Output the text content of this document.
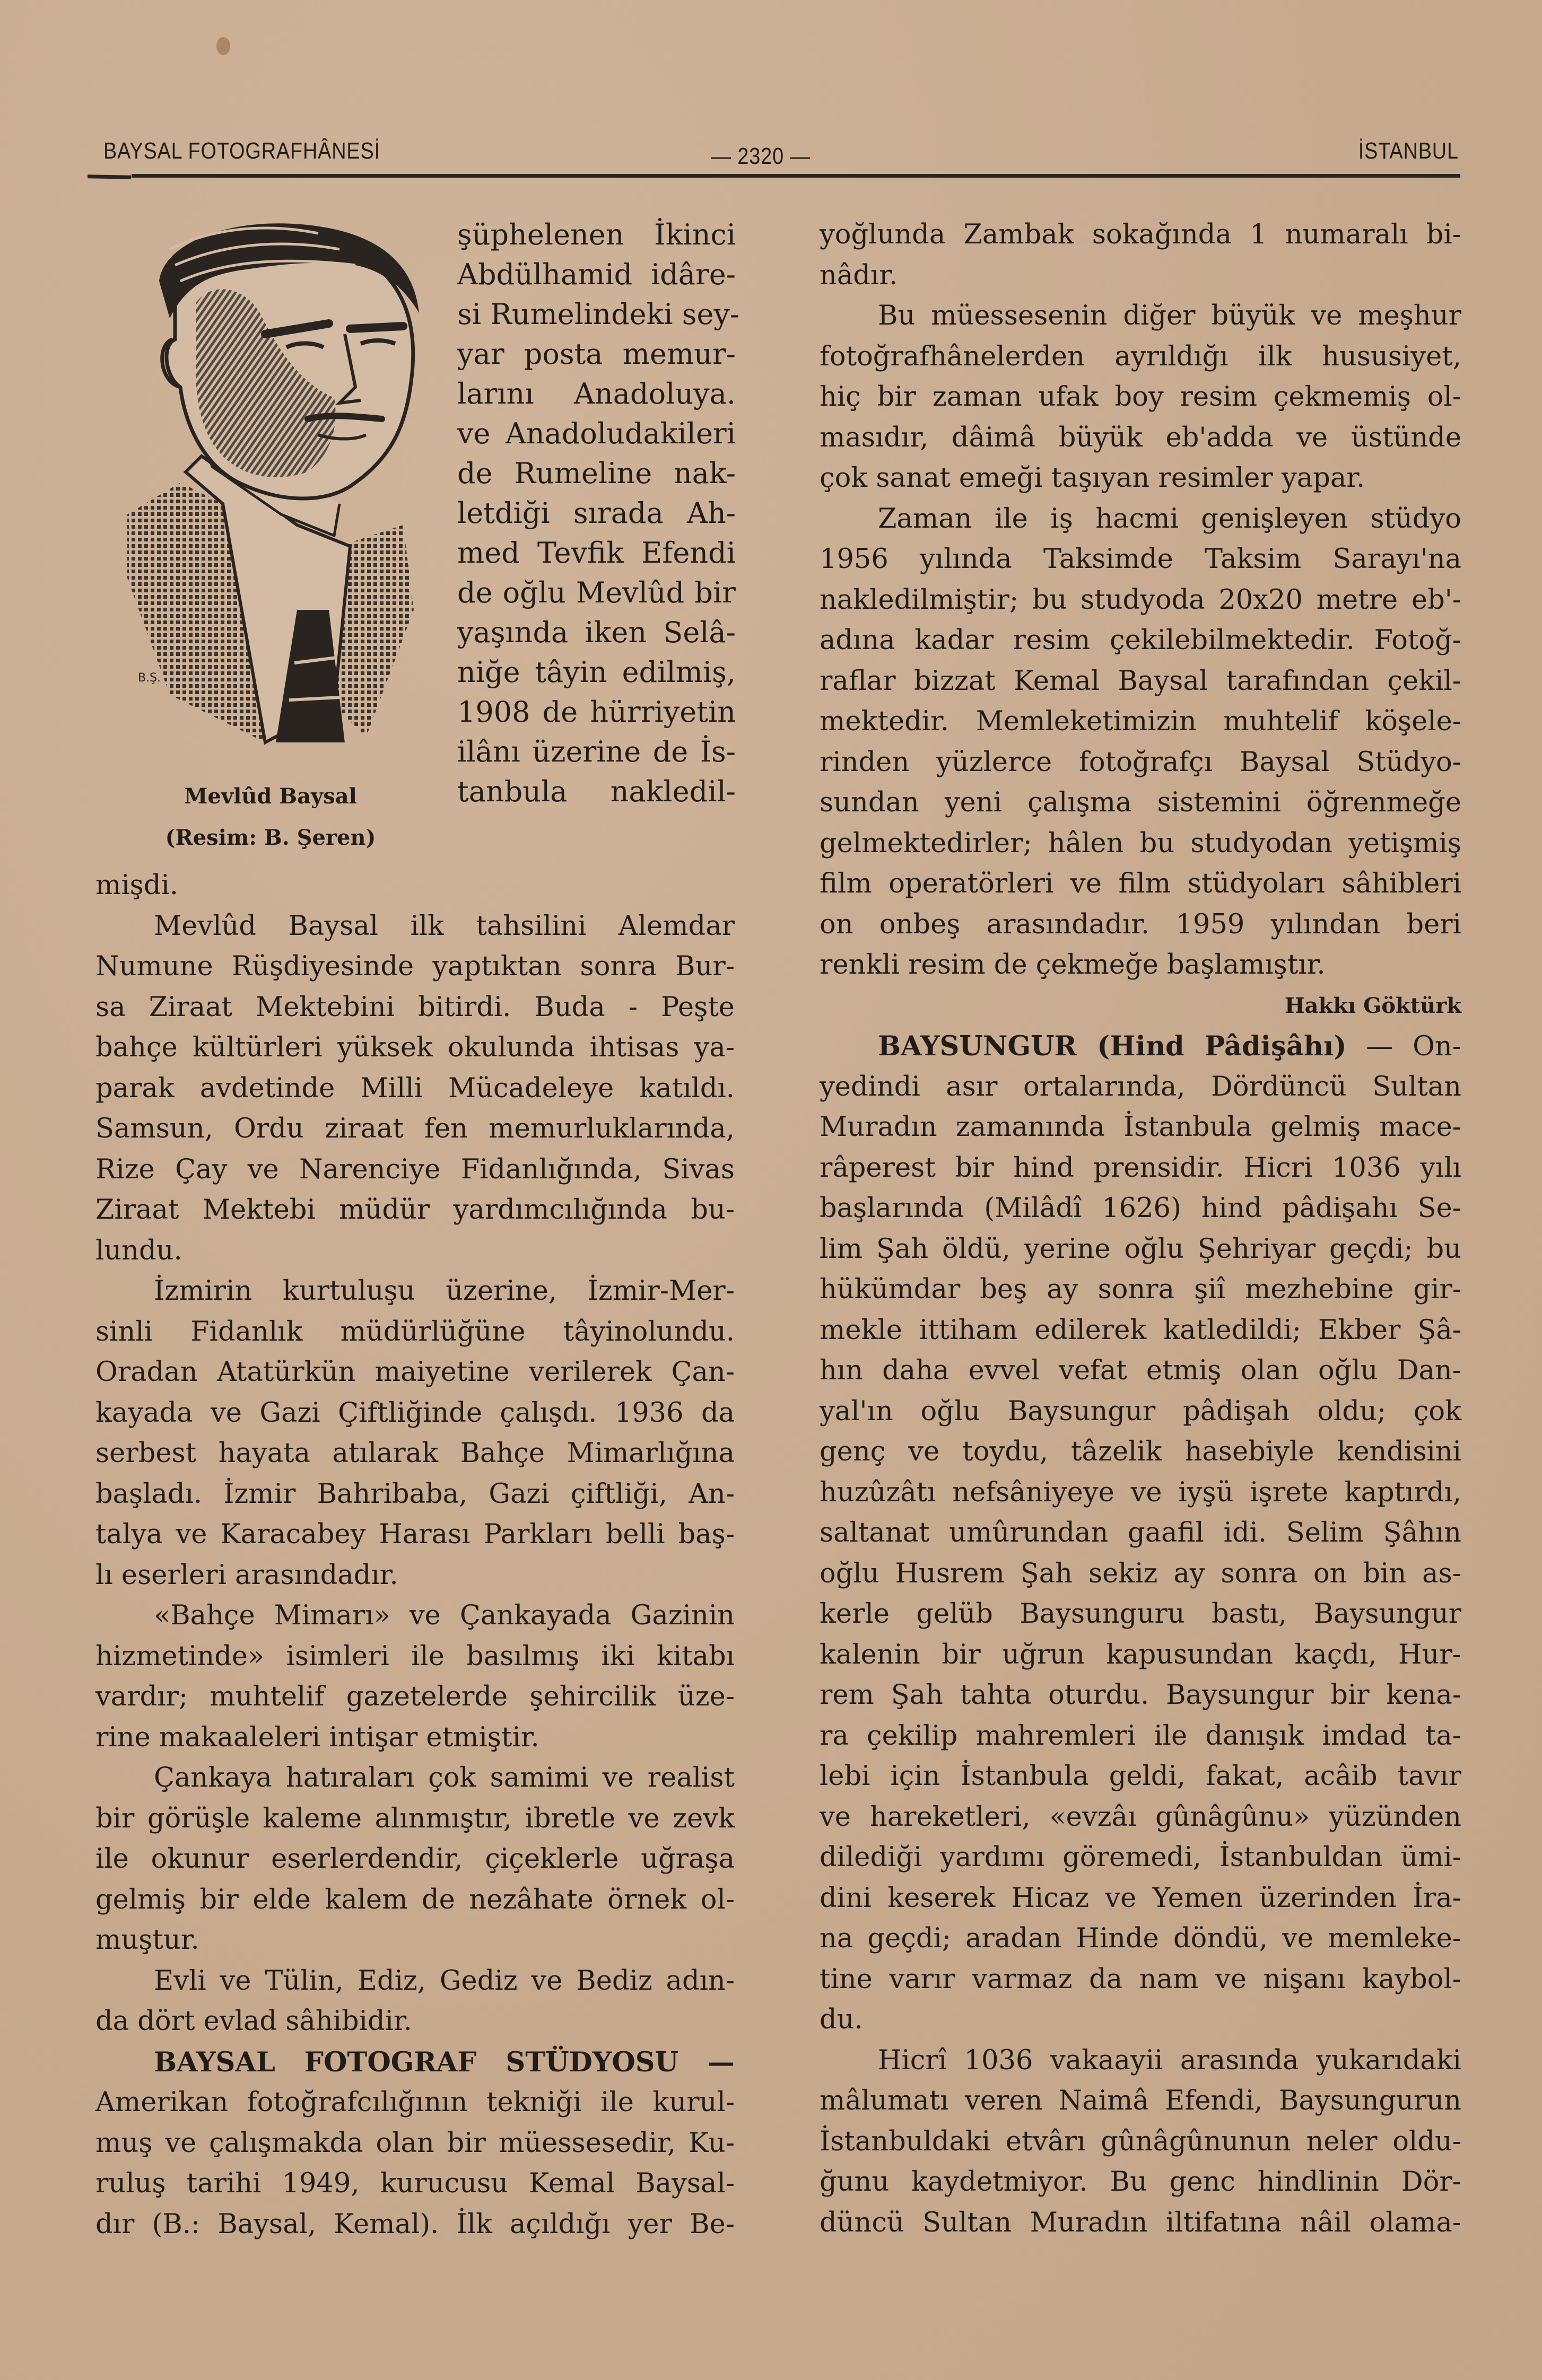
BAYSAL FOTOGRAFHÂNESİ	— 2320 —	İSTANBUL
B.Ş.
Mevlûd Baysal
(Resim: B. Şeren)
şüphelenen İkinci
Abdülhamid idâre-
si Rumelindeki sey-
yar posta memur-
larını Anadoluya.
ve Anadoludakileri
de Rumeline nak-
letdiği sırada Ah-
med Tevfik Efendi
de oğlu Mevlûd bir
yaşında iken Selâ-
niğe tâyin edilmiş,
1908 de hürriyetin
ilânı üzerine de İs-
tanbula nakledil-
mişdi.
Mevlûd Baysal ilk tahsilini Alemdar
Numune Rüşdiyesinde yaptıktan sonra Bur-
sa Ziraat Mektebini bitirdi. Buda - Peşte
bahçe kültürleri yüksek okulunda ihtisas ya-
parak avdetinde Milli Mücadeleye katıldı.
Samsun, Ordu ziraat fen memurluklarında,
Rize Çay ve Narenciye Fidanlığında, Sivas
Ziraat Mektebi müdür yardımcılığında bu-
lundu.
İzmirin kurtuluşu üzerine, İzmir-Mer-
sinli Fidanlık müdürlüğüne tâyinolundu.
Oradan Atatürkün maiyetine verilerek Çan-
kayada ve Gazi Çiftliğinde çalışdı. 1936 da
serbest hayata atılarak Bahçe Mimarlığına
başladı. İzmir Bahribaba, Gazi çiftliği, An-
talya ve Karacabey Harası Parkları belli baş-
lı eserleri arasındadır.
«Bahçe Mimarı» ve Çankayada Gazinin
hizmetinde» isimleri ile basılmış iki kitabı
vardır; muhtelif gazetelerde şehircilik üze-
rine makaaleleri intişar etmiştir.
Çankaya hatıraları çok samimi ve realist
bir görüşle kaleme alınmıştır, ibretle ve zevk
ile okunur eserlerdendir, çiçeklerle uğraşa
gelmiş bir elde kalem de nezâhate örnek ol-
muştur.
Evli ve Tülin, Ediz, Gediz ve Bediz adın-
da dört evlad sâhibidir.
BAYSAL FOTOGRAF STÜDYOSU —
Amerikan fotoğrafcılığının tekniği ile kurul-
muş ve çalışmakda olan bir müessesedir, Ku-
ruluş tarihi 1949, kurucusu Kemal Baysal-
dır (B.: Baysal, Kemal). İlk açıldığı yer Be-
yoğlunda Zambak sokağında 1 numaralı bi-
nâdır.
Bu müessesenin diğer büyük ve meşhur
fotoğrafhânelerden ayrıldığı ilk hususiyet,
hiç bir zaman ufak boy resim çekmemiş ol-
masıdır, dâimâ büyük eb'adda ve üstünde
çok sanat emeği taşıyan resimler yapar.
Zaman ile iş hacmi genişleyen stüdyo
1956 yılında Taksimde Taksim Sarayı'na
nakledilmiştir; bu studyoda 20x20 metre eb'-
adına kadar resim çekilebilmektedir. Fotoğ-
raflar bizzat Kemal Baysal tarafından çekil-
mektedir. Memleketimizin muhtelif köşele-
rinden yüzlerce fotoğrafçı Baysal Stüdyo-
sundan yeni çalışma sistemini öğrenmeğe
gelmektedirler; hâlen bu studyodan yetişmiş
film operatörleri ve film stüdyoları sâhibleri
on onbeş arasındadır. 1959 yılından beri
renkli resim de çekmeğe başlamıştır.
Hakkı Göktürk
BAYSUNGUR (Hind Pâdişâhı) — On-
yedindi asır ortalarında, Dördüncü Sultan
Muradın zamanında İstanbula gelmiş mace-
râperest bir hind prensidir. Hicri 1036 yılı
başlarında (Milâdî 1626) hind pâdişahı Se-
lim Şah öldü, yerine oğlu Şehriyar geçdi; bu
hükümdar beş ay sonra şiî mezhebine gir-
mekle ittiham edilerek katledildi; Ekber Şâ-
hın daha evvel vefat etmiş olan oğlu Dan-
yal'ın oğlu Baysungur pâdişah oldu; çok
genç ve toydu, tâzelik hasebiyle kendisini
huzûzâtı nefsâniyeye ve iyşü işrete kaptırdı,
saltanat umûrundan gaafil idi. Selim Şâhın
oğlu Husrem Şah sekiz ay sonra on bin as-
kerle gelüb Baysunguru bastı, Baysungur
kalenin bir uğrun kapusundan kaçdı, Hur-
rem Şah tahta oturdu. Baysungur bir kena-
ra çekilip mahremleri ile danışık imdad ta-
lebi için İstanbula geldi, fakat, acâib tavır
ve hareketleri, «evzâı gûnâgûnu» yüzünden
dilediği yardımı göremedi, İstanbuldan ümi-
dini keserek Hicaz ve Yemen üzerinden İra-
na geçdi; aradan Hinde döndü, ve memleke-
tine varır varmaz da nam ve nişanı kaybol-
du.
Hicrî 1036 vakaayii arasında yukarıdaki
mâlumatı veren Naimâ Efendi, Baysungurun
İstanbuldaki etvârı gûnâgûnunun neler oldu-
ğunu kaydetmiyor. Bu genc hindlinin Dör-
düncü Sultan Muradın iltifatına nâil olama-
